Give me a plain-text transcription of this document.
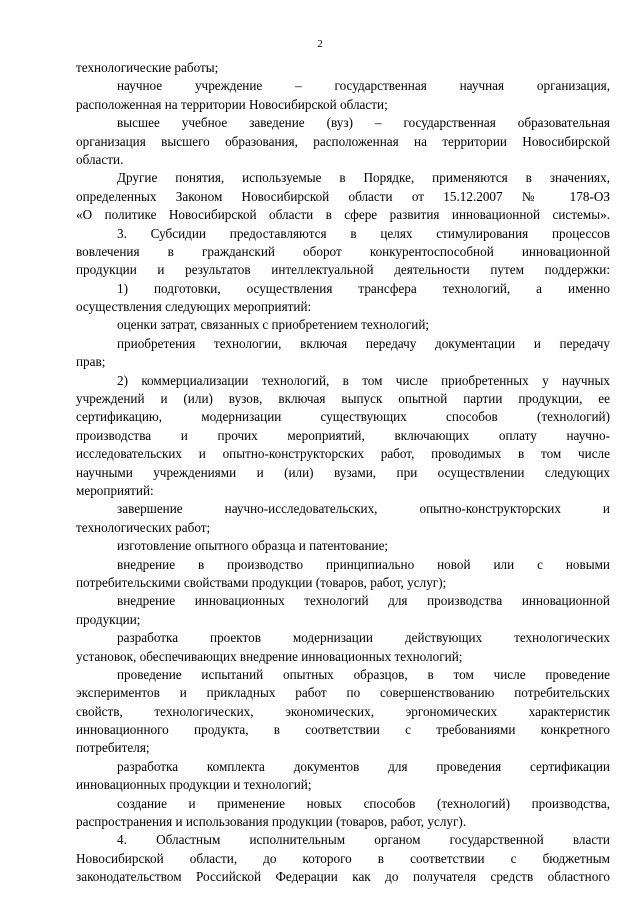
2
технологические работы;
научное учреждение – государственная научная организация,
расположенная на территории Новосибирской области;
высшее учебное заведение (вуз) – государственная образовательная
организация высшего образования, расположенная на территории Новосибирской
области.
Другие понятия, используемые в Порядке, применяются в значениях,
определенных Законом Новосибирской области от 15.12.2007 № 178-ОЗ
«О политике Новосибирской области в сфере развития инновационной системы».
3. Субсидии предоставляются в целях стимулирования процессов
вовлечения в гражданский оборот конкурентоспособной инновационной
продукции и результатов интеллектуальной деятельности путем поддержки:
1) подготовки, осуществления трансфера технологий, а именно
осуществления следующих мероприятий:
оценки затрат, связанных с приобретением технологий;
приобретения технологии, включая передачу документации и передачу
прав;
2) коммерциализации технологий, в том числе приобретенных у научных
учреждений и (или) вузов, включая выпуск опытной партии продукции, ее
сертификацию, модернизации существующих способов (технологий)
производства и прочих мероприятий, включающих оплату научно-
исследовательских и опытно-конструкторских работ, проводимых в том числе
научными учреждениями и (или) вузами, при осуществлении следующих
мероприятий:
завершение научно-исследовательских, опытно-конструкторских и
технологических работ;
изготовление опытного образца и патентование;
внедрение в производство принципиально новой или с новыми
потребительскими свойствами продукции (товаров, работ, услуг);
внедрение инновационных технологий для производства инновационной
продукции;
разработка проектов модернизации действующих технологических
установок, обеспечивающих внедрение инновационных технологий;
проведение испытаний опытных образцов, в том числе проведение
экспериментов и прикладных работ по совершенствованию потребительских
свойств, технологических, экономических, эргономических характеристик
инновационного продукта, в соответствии с требованиями конкретного
потребителя;
разработка комплекта документов для проведения сертификации
инновационных продукции и технологий;
создание и применение новых способов (технологий) производства,
распространения и использования продукции (товаров, работ, услуг).
4. Областным исполнительным органом государственной власти
Новосибирской области, до которого в соответствии с бюджетным
законодательством Российской Федерации как до получателя средств областного
